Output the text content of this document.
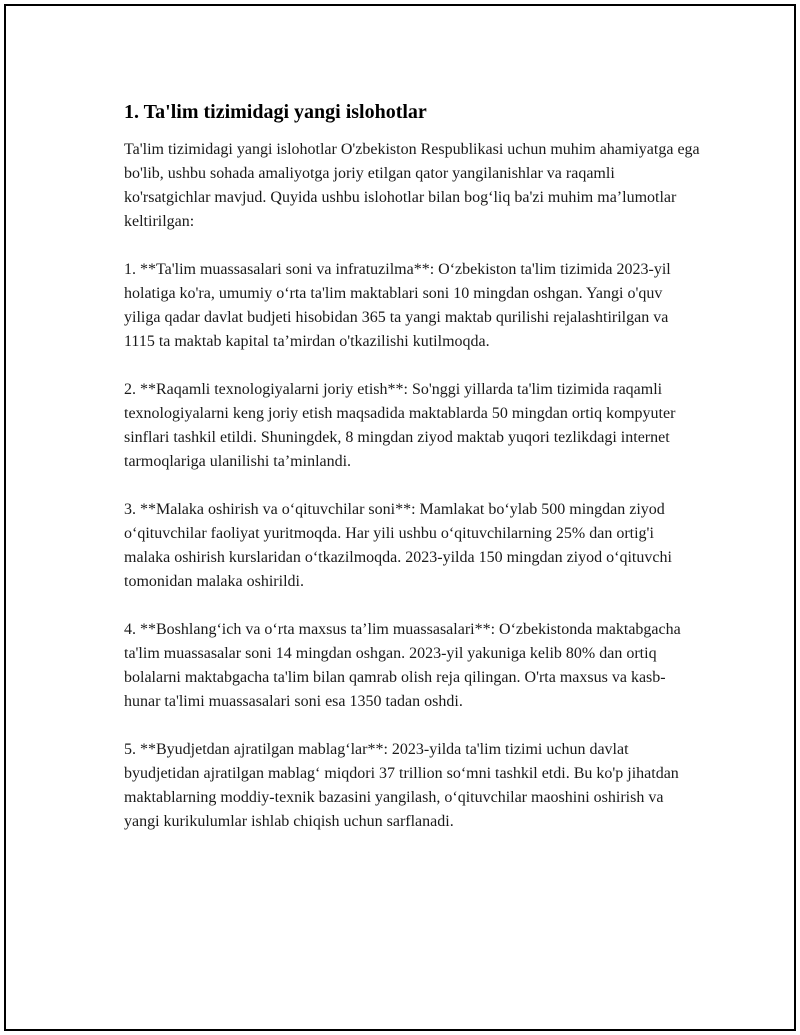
1. Ta'lim tizimidagi yangi islohotlar

Ta'lim tizimidagi yangi islohotlar O'zbekiston Respublikasi uchun muhim ahamiyatga ega bo'lib, ushbu sohada amaliyotga joriy etilgan qator yangilanishlar va raqamli ko'rsatgichlar mavjud. Quyida ushbu islohotlar bilan bog‘liq ba'zi muhim ma’lumotlar keltirilgan:

1. **Ta'lim muassasalari soni va infratuzilma**: O‘zbekiston ta'lim tizimida 2023-yil holatiga ko'ra, umumiy o‘rta ta'lim maktablari soni 10 mingdan oshgan. Yangi o'quv yiliga qadar davlat budjeti hisobidan 365 ta yangi maktab qurilishi rejalashtirilgan va 1115 ta maktab kapital ta’mirdan o'tkazilishi kutilmoqda.

2. **Raqamli texnologiyalarni joriy etish**: So'nggi yillarda ta'lim tizimida raqamli texnologiyalarni keng joriy etish maqsadida maktablarda 50 mingdan ortiq kompyuter sinflari tashkil etildi. Shuningdek, 8 mingdan ziyod maktab yuqori tezlikdagi internet tarmoqlariga ulanilishi ta’minlandi.

3. **Malaka oshirish va o‘qituvchilar soni**: Mamlakat bo‘ylab 500 mingdan ziyod o‘qituvchilar faoliyat yuritmoqda. Har yili ushbu o‘qituvchilarning 25% dan ortig'i malaka oshirish kurslaridan o‘tkazilmoqda. 2023-yilda 150 mingdan ziyod o‘qituvchi tomonidan malaka oshirildi.

4. **Boshlang‘ich va o‘rta maxsus ta’lim muassasalari**: O‘zbekistonda maktabgacha ta'lim muassasalar soni 14 mingdan oshgan. 2023-yil yakuniga kelib 80% dan ortiq bolalarni maktabgacha ta'lim bilan qamrab olish reja qilingan. O'rta maxsus va kasb-hunar ta'limi muassasalari soni esa 1350 tadan oshdi.

5. **Byudjetdan ajratilgan mablag‘lar**: 2023-yilda ta'lim tizimi uchun davlat byudjetidan ajratilgan mablag‘ miqdori 37 trillion so‘mni tashkil etdi. Bu ko'p jihatdan maktablarning moddiy-texnik bazasini yangilash, o‘qituvchilar maoshini oshirish va yangi kurikulumlar ishlab chiqish uchun sarflanadi.
